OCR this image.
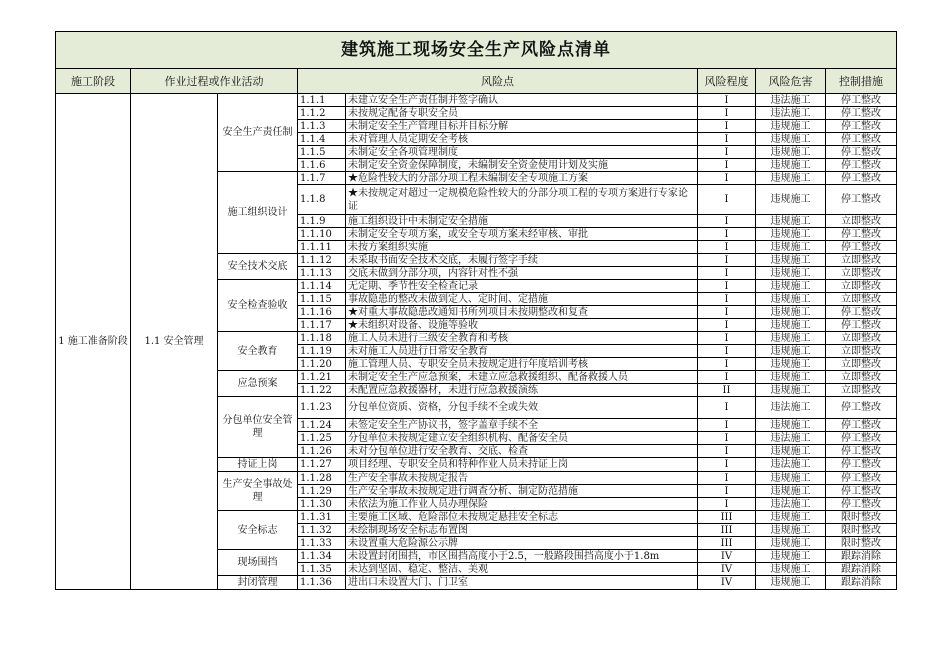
建筑施工现场安全生产风险点清单							
施工阶段	作业过程或作业活动		风险点		风险程度	风险危害	控制措施
1 施工准备阶段	1.1 安全管理	安全生产责任制	1.1.1	未建立安全生产责任制并签字确认	I	违法施工	停工整改
			1.1.2	未按规定配备专职安全员	I	违法施工	停工整改
			1.1.3	未制定安全生产管理目标并目标分解	I	违规施工	停工整改
			1.1.4	未对管理人员定期安全考核	I	违规施工	停工整改
			1.1.5	未制定安全各项管理制度	I	违规施工	停工整改
			1.1.6	未制定安全资金保障制度，未编制安全资金使用计划及实施	I	违规施工	停工整改
		施工组织设计	1.1.7	★危险性较大的分部分项工程未编制安全专项施工方案	I	违规施工	停工整改
			1.1.8	★未按规定对超过一定规模危险性较大的分部分项工程的专项方案进行专家论证	I	违规施工	停工整改
			1.1.9	施工组织设计中未制定安全措施	I	违规施工	立即整改
			1.1.10	未制定安全专项方案，或安全专项方案未经审核、审批	I	违规施工	停工整改
			1.1.11	未按方案组织实施	I	违规施工	停工整改
		安全技术交底	1.1.12	未采取书面安全技术交底，未履行签字手续	I	违规施工	立即整改
			1.1.13	交底未做到分部分项，内容针对性不强	I	违规施工	立即整改
		安全检查验收	1.1.14	无定期、季节性安全检查记录	I	违规施工	立即整改
			1.1.15	事故隐患的整改未做到定人、定时间、定措施	I	违规施工	立即整改
			1.1.16	★对重大事故隐患改通知书所列项目未按期整改和复查	I	违规施工	停工整改
			1.1.17	★未组织对设备、设施等验收	I	违规施工	停工整改
		安全教育	1.1.18	施工人员未进行三级安全教育和考核	I	违规施工	立即整改
			1.1.19	未对施工人员进行日常安全教育	I	违规施工	立即整改
			1.1.20	施工管理人员、专职安全员未按规定进行年度培训考核	I	违规施工	立即整改
		应急预案	1.1.21	未制定安全生产应急预案，未建立应急救援组织、配备救援人员	I	违规施工	立即整改
			1.1.22	未配置应急救援器材，未进行应急救援演练	II	违规施工	立即整改
		分包单位安全管理	1.1.23	分包单位资质、资格，分包手续不全或失效	I	违法施工	停工整改
			1.1.24	未签定安全生产协议书，签字盖章手续不全	I	违规施工	停工整改
			1.1.25	分包单位未按规定建立安全组织机构、配备安全员	I	违法施工	停工整改
			1.1.26	未对分包单位进行安全教育、交底、检查	I	违规施工	停工整改
		持证上岗	1.1.27	项目经理、专职安全员和特种作业人员未持证上岗	I	违法施工	停工整改
		生产安全事故处理	1.1.28	生产安全事故未按规定报告	I	违规施工	停工整改
			1.1.29	生产安全事故未按规定进行调查分析、制定防范措施	I	违规施工	停工整改
			1.1.30	未依法为施工作业人员办理保险	I	违法施工	停工整改
		安全标志	1.1.31	主要施工区域、危险部位未按规定悬挂安全标志	III	违规施工	限时整改
			1.1.32	未绘制现场安全标志布置图	III	违规施工	限时整改
			1.1.33	未设置重大危险源公示牌	III	违规施工	限时整改
		现场围挡	1.1.34	未设置封闭围挡，市区围挡高度小于2.5，一般路段围挡高度小于1.8m	IV	违规施工	跟踪消除
			1.1.35	未达到坚固、稳定、整洁、美观	IV	违规施工	跟踪消除
		封闭管理	1.1.36	进出口未设置大门、门卫室	IV	违规施工	跟踪消除
